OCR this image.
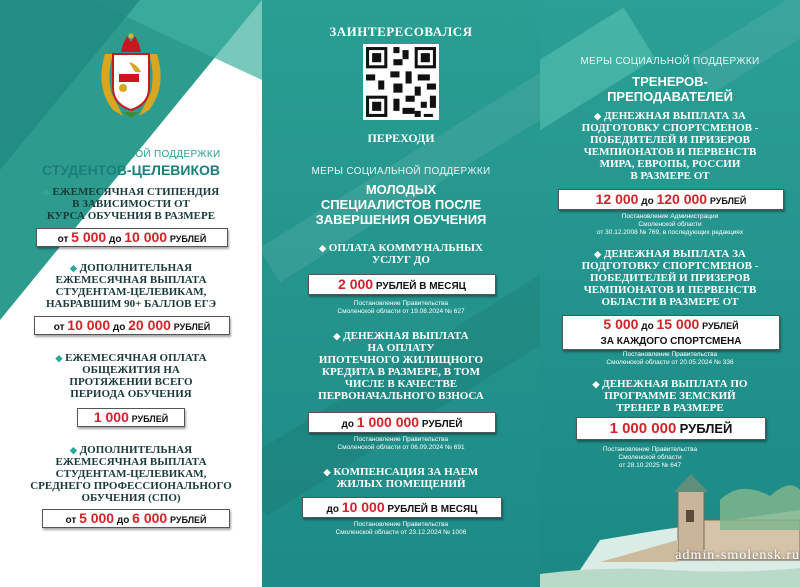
МЕРЫ СОЦИАЛЬНОЙ ПОДДЕРЖКИ
СТУДЕНТОВ-ЦЕЛЕВИКОВ
◆ ЕЖЕМЕСЯЧНАЯ СТИПЕНДИЯ
В ЗАВИСИМОСТИ ОТ
КУРСА ОБУЧЕНИЯ В РАЗМЕРЕ
от 5 000 до 10 000 РУБЛЕЙ
◆ ДОПОЛНИТЕЛЬНАЯ
ЕЖЕМЕСЯЧНАЯ ВЫПЛАТА
СТУДЕНТАМ-ЦЕЛЕВИКАМ,
НАБРАВШИМ 90+ БАЛЛОВ ЕГЭ
от 10 000 до 20 000 РУБЛЕЙ
◆ ЕЖЕМЕСЯЧНАЯ ОПЛАТА
ОБЩЕЖИТИЯ НА
ПРОТЯЖЕНИИ ВСЕГО
ПЕРИОДА ОБУЧЕНИЯ
1 000 РУБЛЕЙ
◆ ДОПОЛНИТЕЛЬНАЯ
ЕЖЕМЕСЯЧНАЯ ВЫПЛАТА
СТУДЕНТАМ-ЦЕЛЕВИКАМ,
СРЕДНЕГО ПРОФЕССИОНАЛЬНОГО
ОБУЧЕНИЯ (СПО)
от 5 000 до 6 000 РУБЛЕЙ
ЗАИНТЕРЕСОВАЛСЯ
ПЕРЕХОДИ
МЕРЫ СОЦИАЛЬНОЙ ПОДДЕРЖКИ
МОЛОДЫХ
СПЕЦИАЛИСТОВ ПОСЛЕ
ЗАВЕРШЕНИЯ ОБУЧЕНИЯ
◆ ОПЛАТА КОММУНАЛЬНЫХ
УСЛУГ ДО
2 000 РУБЛЕЙ В МЕСЯЦ
Постановление Правительства
Смоленской области от 19.08.2024 № 627
◆ ДЕНЕЖНАЯ ВЫПЛАТА
НА ОПЛАТУ
ИПОТЕЧНОГО ЖИЛИЩНОГО
КРЕДИТА В РАЗМЕРЕ, В ТОМ
ЧИСЛЕ В КАЧЕСТВЕ
ПЕРВОНАЧАЛЬНОГО ВЗНОСА
до 1 000 000 РУБЛЕЙ
Постановление Правительства
Смоленской области от 06.09.2024 № 691
◆ КОМПЕНСАЦИЯ ЗА НАЕМ
ЖИЛЫХ ПОМЕЩЕНИЙ
до 10 000 РУБЛЕЙ В МЕСЯЦ
Постановление Правительства
Смоленской области от 23.12.2024 № 1006
МЕРЫ СОЦИАЛЬНОЙ ПОДДЕРЖКИ
ТРЕНЕРОВ-
ПРЕПОДАВАТЕЛЕЙ
◆ ДЕНЕЖНАЯ ВЫПЛАТА ЗА
ПОДГОТОВКУ СПОРТСМЕНОВ -
ПОБЕДИТЕЛЕЙ И ПРИЗЕРОВ
ЧЕМПИОНАТОВ И ПЕРВЕНСТВ
МИРА, ЕВРОПЫ, РОССИИ
В РАЗМЕРЕ ОТ
12 000 до 120 000 РУБЛЕЙ
Постановление Администрации
Смоленской области
от 30.12.2008 № 769, в последующих редакциях
◆ ДЕНЕЖНАЯ ВЫПЛАТА ЗА
ПОДГОТОВКУ СПОРТСМЕНОВ -
ПОБЕДИТЕЛЕЙ И ПРИЗЕРОВ
ЧЕМПИОНАТОВ И ПЕРВЕНСТВ
ОБЛАСТИ В РАЗМЕРЕ ОТ
5 000 до 15 000 РУБЛЕЙ
ЗА КАЖДОГО СПОРТСМЕНА
Постановление Правительства
Смоленской области от 20.05.2024 № 336
◆ ДЕНЕЖНАЯ ВЫПЛАТА ПО
ПРОГРАММЕ ЗЕМСКИЙ
ТРЕНЕР В РАЗМЕРЕ
1 000 000 РУБЛЕЙ
Постановление Правительства
Смоленской области
от 28.10.2025 № 647
admin-smolensk.ru
